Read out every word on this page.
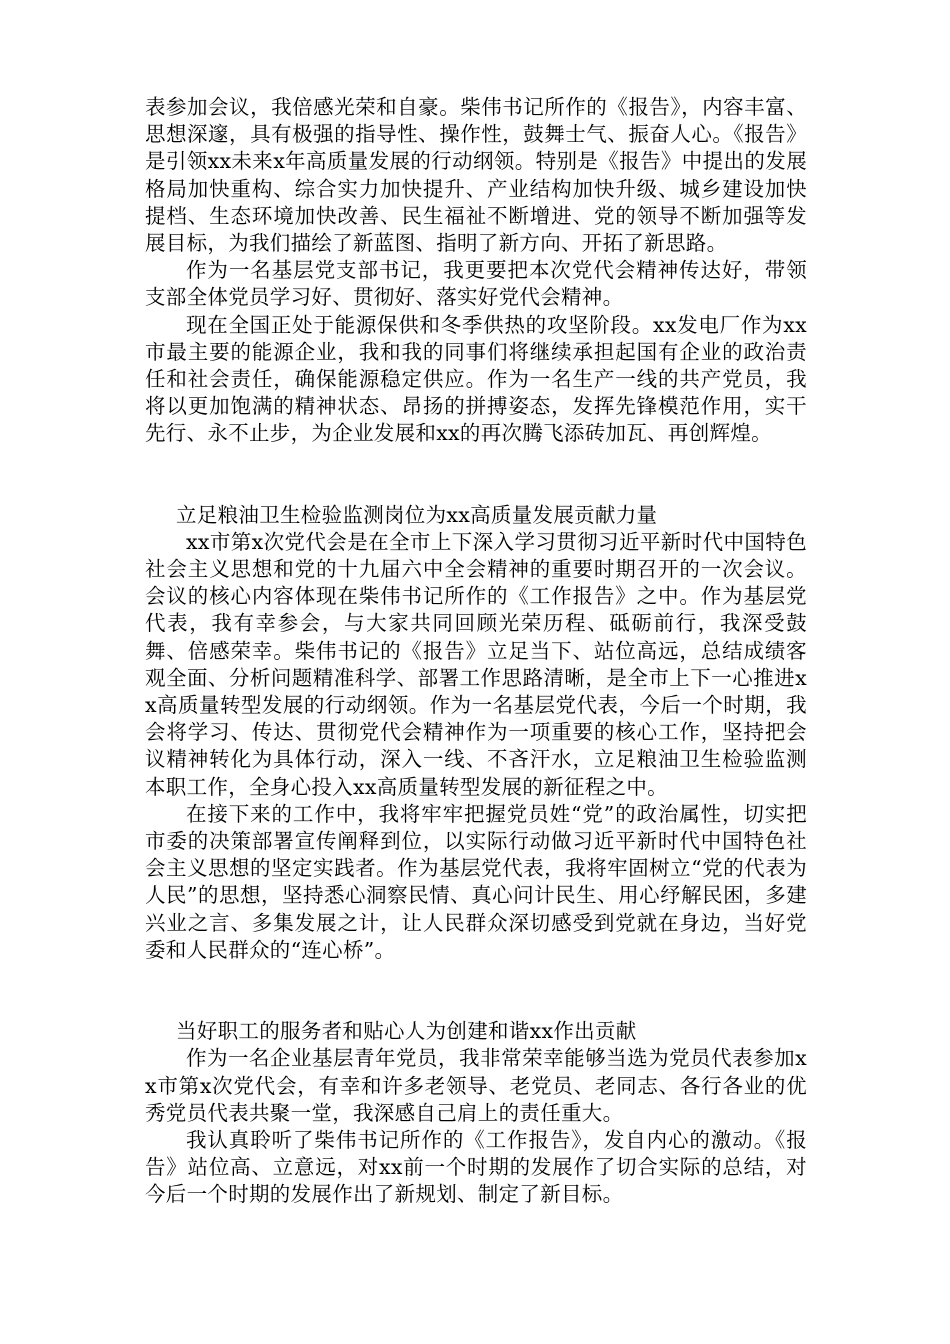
表参加会议，我倍感光荣和自豪。柴伟书记所作的《报告》，内容丰富、思想深邃，具有极强的指导性、操作性，鼓舞士气、振奋人心。《报告》是引领xx未来x年高质量发展的行动纲领。特别是《报告》中提出的发展格局加快重构、综合实力加快提升、产业结构加快升级、城乡建设加快提档、生态环境加快改善、民生福祉不断增进、党的领导不断加强等发展目标，为我们描绘了新蓝图、指明了新方向、开拓了新思路。

作为一名基层党支部书记，我更要把本次党代会精神传达好，带领支部全体党员学习好、贯彻好、落实好党代会精神。

现在全国正处于能源保供和冬季供热的攻坚阶段。xx发电厂作为xx市最主要的能源企业，我和我的同事们将继续承担起国有企业的政治责任和社会责任，确保能源稳定供应。作为一名生产一线的共产党员，我将以更加饱满的精神状态、昂扬的拼搏姿态，发挥先锋模范作用，实干先行、永不止步，为企业发展和xx的再次腾飞添砖加瓦、再创辉煌。

立足粮油卫生检验监测岗位为xx高质量发展贡献力量

xx市第x次党代会是在全市上下深入学习贯彻习近平新时代中国特色社会主义思想和党的十九届六中全会精神的重要时期召开的一次会议。会议的核心内容体现在柴伟书记所作的《工作报告》之中。作为基层党代表，我有幸参会，与大家共同回顾光荣历程、砥砺前行，我深受鼓舞、倍感荣幸。柴伟书记的《报告》立足当下、站位高远，总结成绩客观全面、分析问题精准科学、部署工作思路清晰，是全市上下一心推进xx高质量转型发展的行动纲领。作为一名基层党代表，今后一个时期，我会将学习、传达、贯彻党代会精神作为一项重要的核心工作，坚持把会议精神转化为具体行动，深入一线、不吝汗水，立足粮油卫生检验监测本职工作，全身心投入xx高质量转型发展的新征程之中。

在接下来的工作中，我将牢牢把握党员姓“党”的政治属性，切实把市委的决策部署宣传阐释到位，以实际行动做习近平新时代中国特色社会主义思想的坚定实践者。作为基层党代表，我将牢固树立“党的代表为人民”的思想，坚持悉心洞察民情、真心问计民生、用心纾解民困，多建兴业之言、多集发展之计，让人民群众深切感受到党就在身边，当好党委和人民群众的“连心桥”。

当好职工的服务者和贴心人为创建和谐xx作出贡献

作为一名企业基层青年党员，我非常荣幸能够当选为党员代表参加xx市第x次党代会，有幸和许多老领导、老党员、老同志、各行各业的优秀党员代表共聚一堂，我深感自己肩上的责任重大。

我认真聆听了柴伟书记所作的《工作报告》，发自内心的激动。《报告》站位高、立意远，对xx前一个时期的发展作了切合实际的总结，对今后一个时期的发展作出了新规划、制定了新目标。
